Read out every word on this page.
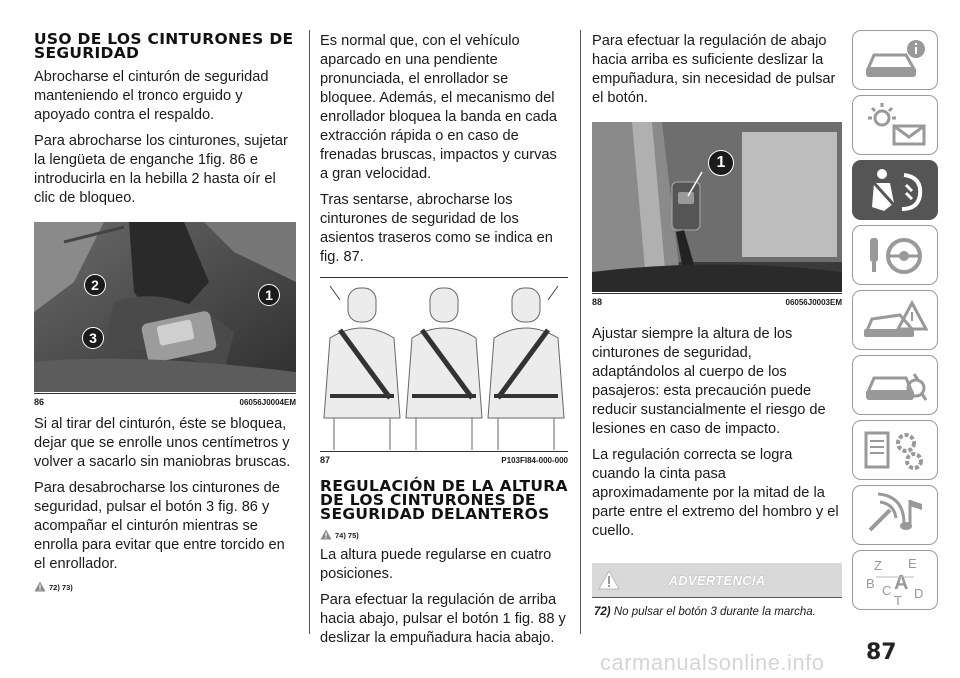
USO DE LOS CINTURONES DE SEGURIDAD

Abrocharse el cinturón de seguridad manteniendo el tronco erguido y apoyado contra el respaldo.

Para abrocharse los cinturones, sujetar la lengüeta de enganche 1fig. 86 e introducirla en la hebilla 2 hasta oír el clic de bloqueo.

2
1
3
86	06056J0004EM

Si al tirar del cinturón, éste se bloquea, dejar que se enrolle unos centímetros y volver a sacarlo sin maniobras bruscas.

Para desabrocharse los cinturones de seguridad, pulsar el botón 3 fig. 86 y acompañar el cinturón mientras se enrolla para evitar que entre torcido en el enrollador.

72) 73)

Es normal que, con el vehículo aparcado en una pendiente pronunciada, el enrollador se bloquee. Además, el mecanismo del enrollador bloquea la banda en cada extracción rápida o en caso de frenadas bruscas, impactos y curvas a gran velocidad.

Tras sentarse, abrocharse los cinturones de seguridad de los asientos traseros como se indica en fig. 87.

87	P103FI84-000-000
REGULACIÓN DE LA ALTURA DE LOS CINTURONES DE SEGURIDAD DELANTEROS
74) 75)

La altura puede regularse en cuatro posiciones.

Para efectuar la regulación de arriba hacia abajo, pulsar el botón 1 fig. 88 y deslizar la empuñadura hacia abajo.

Para efectuar la regulación de abajo hacia arriba es suficiente deslizar la empuñadura, sin necesidad de pulsar el botón.

1
88	06056J0003EM

Ajustar siempre la altura de los cinturones de seguridad, adaptándolos al cuerpo de los pasajeros: esta precaución puede reducir sustancialmente el riesgo de lesiones en caso de impacto.

La regulación correcta se logra cuando la cinta pasa aproximadamente por la mitad de la parte entre el extremo del hombro y el cuello.

ADVERTENCIA
72) No pulsar el botón 3 durante la marcha.
Z E
B A
C D
T
87
carmanualsonline.info
